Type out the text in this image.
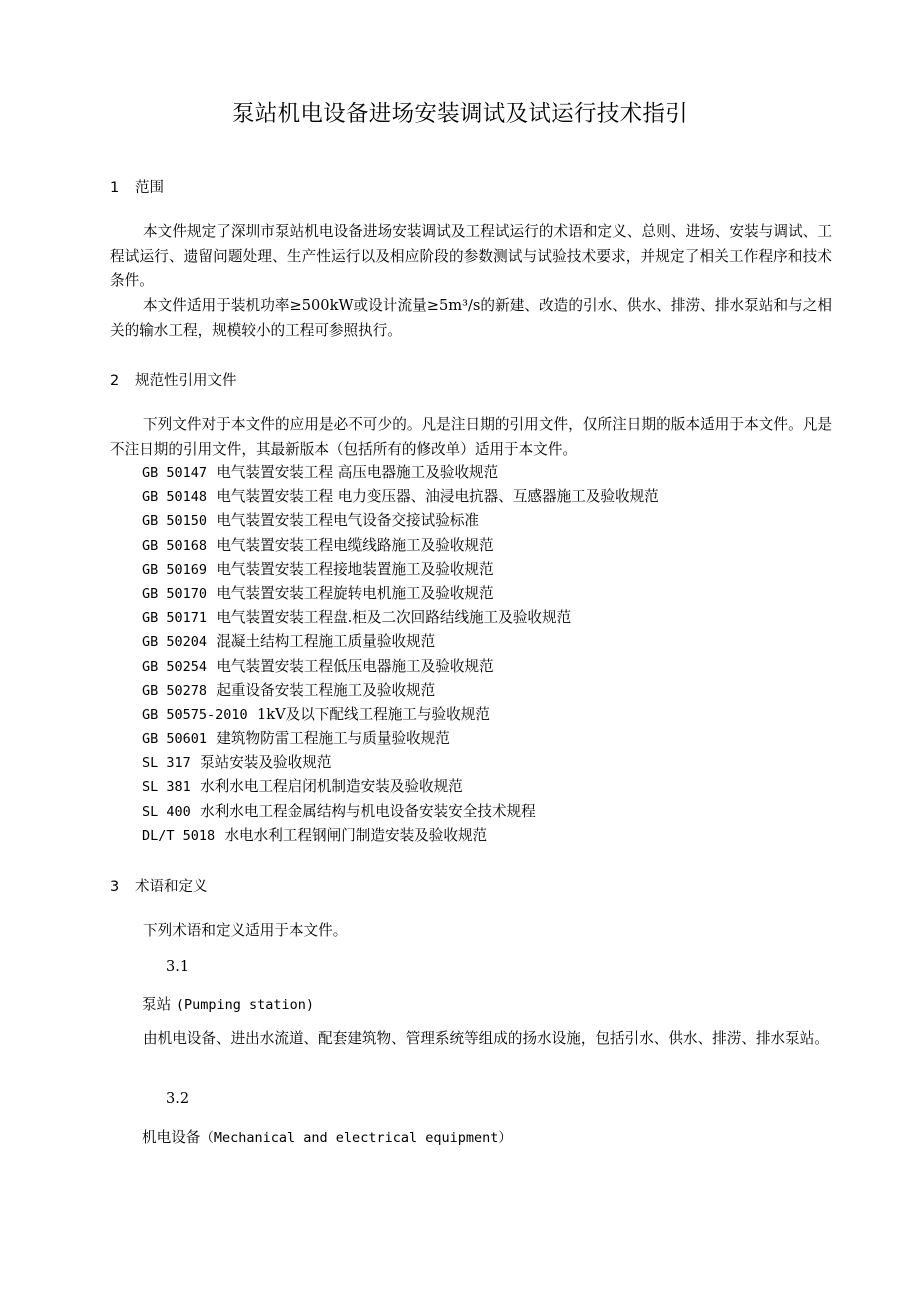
泵站机电设备进场安装调试及试运行技术指引
1 范围
本文件规定了深圳市泵站机电设备进场安装调试及工程试运行的术语和定义、总则、进场、安装与调试、工程试运行、遗留问题处理、生产性运行以及相应阶段的参数测试与试验技术要求，并规定了相关工作程序和技术条件。
本文件适用于装机功率≥500kW或设计流量≥5m³/s的新建、改造的引水、供水、排涝、排水泵站和与之相关的输水工程，规模较小的工程可参照执行。
2 规范性引用文件
下列文件对于本文件的应用是必不可少的。凡是注日期的引用文件，仅所注日期的版本适用于本文件。凡是不注日期的引用文件，其最新版本（包括所有的修改单）适用于本文件。
GB 50147 电气装置安装工程 高压电器施工及验收规范
GB 50148 电气装置安装工程 电力变压器、油浸电抗器、互感器施工及验收规范
GB 50150 电气装置安装工程电气设备交接试验标准
GB 50168 电气装置安装工程电缆线路施工及验收规范
GB 50169 电气装置安装工程接地装置施工及验收规范
GB 50170 电气装置安装工程旋转电机施工及验收规范
GB 50171 电气装置安装工程盘.柜及二次回路结线施工及验收规范
GB 50204 混凝土结构工程施工质量验收规范
GB 50254 电气装置安装工程低压电器施工及验收规范
GB 50278 起重设备安装工程施工及验收规范
GB 50575-2010 1kV及以下配线工程施工与验收规范
GB 50601 建筑物防雷工程施工与质量验收规范
SL 317 泵站安装及验收规范
SL 381 水利水电工程启闭机制造安装及验收规范
SL 400 水利水电工程金属结构与机电设备安装安全技术规程
DL/T 5018 水电水利工程钢闸门制造安装及验收规范
3 术语和定义
下列术语和定义适用于本文件。
3.1
泵站 (Pumping station)
由机电设备、进出水流道、配套建筑物、管理系统等组成的扬水设施，包括引水、供水、排涝、排水泵站。
3.2
机电设备（Mechanical and electrical equipment）
